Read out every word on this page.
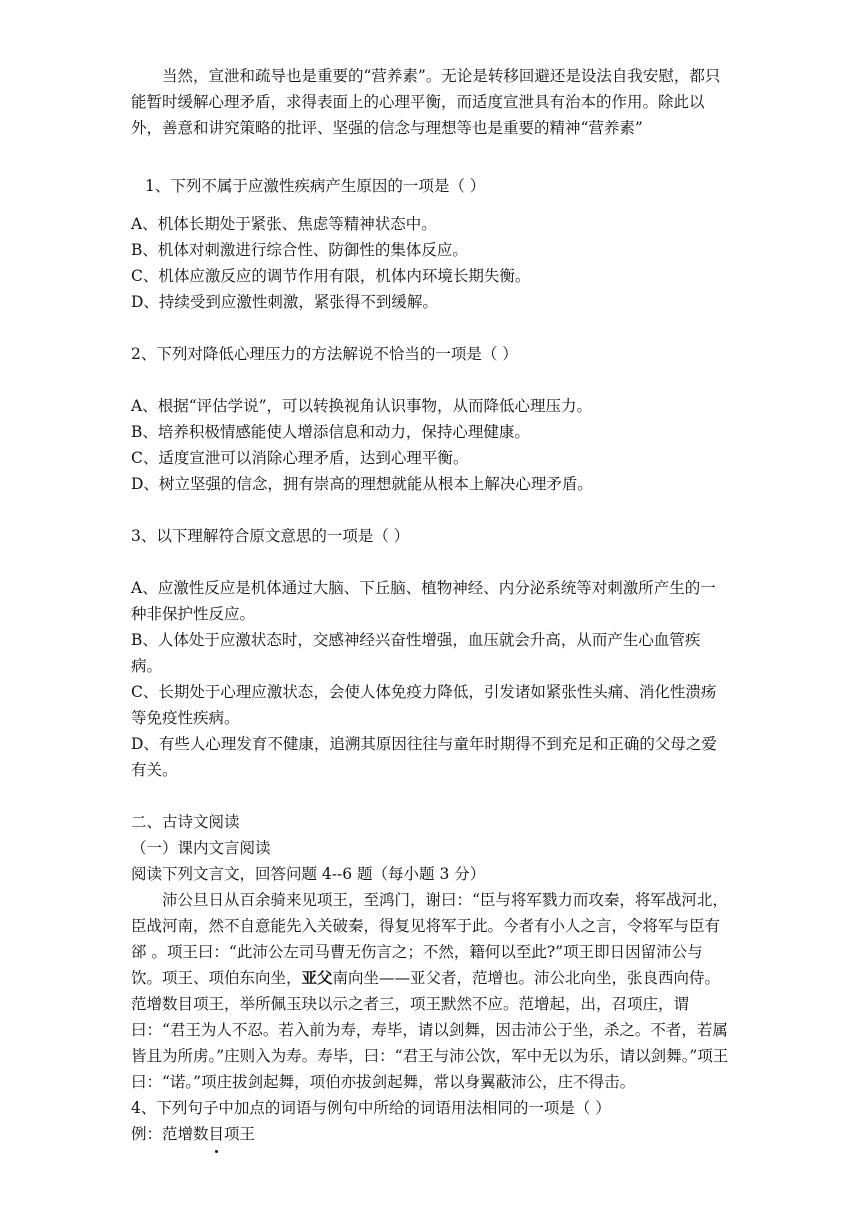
当然，宣泄和疏导也是重要的“营养素”。无论是转移回避还是设法自我安慰，都只能暂时缓解心理矛盾，求得表面上的心理平衡，而适度宣泄具有治本的作用。除此以外，善意和讲究策略的批评、坚强的信念与理想等也是重要的精神“营养素”

1、下列不属于应激性疾病产生原因的一项是（ ）

A、机体长期处于紧张、焦虑等精神状态中。

B、机体对刺激进行综合性、防御性的集体反应。

C、机体应激反应的调节作用有限，机体内环境长期失衡。

D、持续受到应激性刺激，紧张得不到缓解。

2、下列对降低心理压力的方法解说不恰当的一项是（ ）

A、根据“评估学说”，可以转换视角认识事物，从而降低心理压力。

B、培养积极情感能使人增添信息和动力，保持心理健康。

C、适度宣泄可以消除心理矛盾，达到心理平衡。

D、树立坚强的信念，拥有崇高的理想就能从根本上解决心理矛盾。

3、以下理解符合原文意思的一项是（ ）

A、应激性反应是机体通过大脑、下丘脑、植物神经、内分泌系统等对刺激所产生的一种非保护性反应。

B、人体处于应激状态时，交感神经兴奋性增强，血压就会升高，从而产生心血管疾病。

C、长期处于心理应激状态，会使人体免疫力降低，引发诸如紧张性头痛、消化性溃疡等免疫性疾病。

D、有些人心理发育不健康，追溯其原因往往与童年时期得不到充足和正确的父母之爱有关。

二、古诗文阅读

（一）课内文言阅读

阅读下列文言文，回答问题 4--6 题（每小题 3 分）

沛公旦日从百余骑来见项王，至鸿门，谢曰：“臣与将军戮力而攻秦，将军战河北，臣战河南，然不自意能先入关破秦，得复见将军于此。今者有小人之言，令将军与臣有郤 。项王曰：“此沛公左司马曹无伤言之；不然，籍何以至此?”项王即日因留沛公与饮。项王、项伯东向坐，亚父南向坐——亚父者，范增也。沛公北向坐，张良西向侍。范增数目项王，举所佩玉玦以示之者三，项王默然不应。范增起，出，召项庄，谓曰：“君王为人不忍。若入前为寿，寿毕，请以剑舞，因击沛公于坐，杀之。不者，若属皆且为所虏。”庄则入为寿。寿毕，曰：“君王与沛公饮，军中无以为乐，请以剑舞。”项王曰：“诺。”项庄拔剑起舞，项伯亦拔剑起舞，常以身翼蔽沛公，庄不得击。

4、下列句子中加点的词语与例句中所给的词语用法相同的一项是（ ）

例：范增数目
项王
